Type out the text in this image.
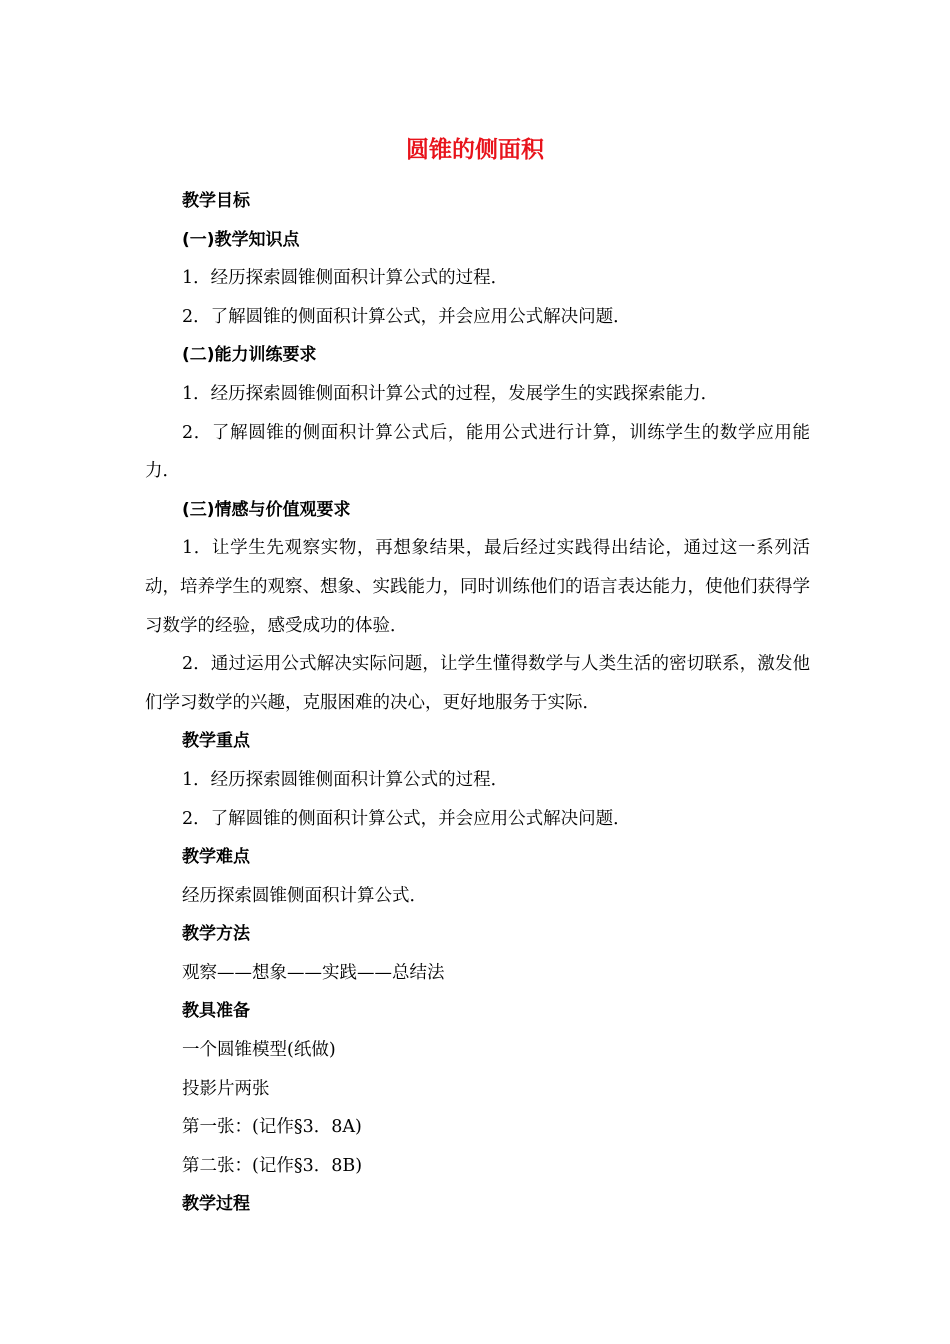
圆锥的侧面积

教学目标

(一)教学知识点

1．经历探索圆锥侧面积计算公式的过程．

2．了解圆锥的侧面积计算公式，并会应用公式解决问题．

(二)能力训练要求

1．经历探索圆锥侧面积计算公式的过程，发展学生的实践探索能力．

2．了解圆锥的侧面积计算公式后，能用公式进行计算，训练学生的数学应用能力．

(三)情感与价值观要求

1．让学生先观察实物，再想象结果，最后经过实践得出结论，通过这一系列活动，培养学生的观察、想象、实践能力，同时训练他们的语言表达能力，使他们获得学习数学的经验，感受成功的体验．

2．通过运用公式解决实际问题，让学生懂得数学与人类生活的密切联系，激发他们学习数学的兴趣，克服困难的决心，更好地服务于实际．

教学重点

1．经历探索圆锥侧面积计算公式的过程．

2．了解圆锥的侧面积计算公式，并会应用公式解决问题．

教学难点

经历探索圆锥侧面积计算公式．

教学方法

观察——想象——实践——总结法

教具准备

一个圆锥模型(纸做)

投影片两张

第一张：(记作§3．8A)

第二张：(记作§3．8B)

教学过程
